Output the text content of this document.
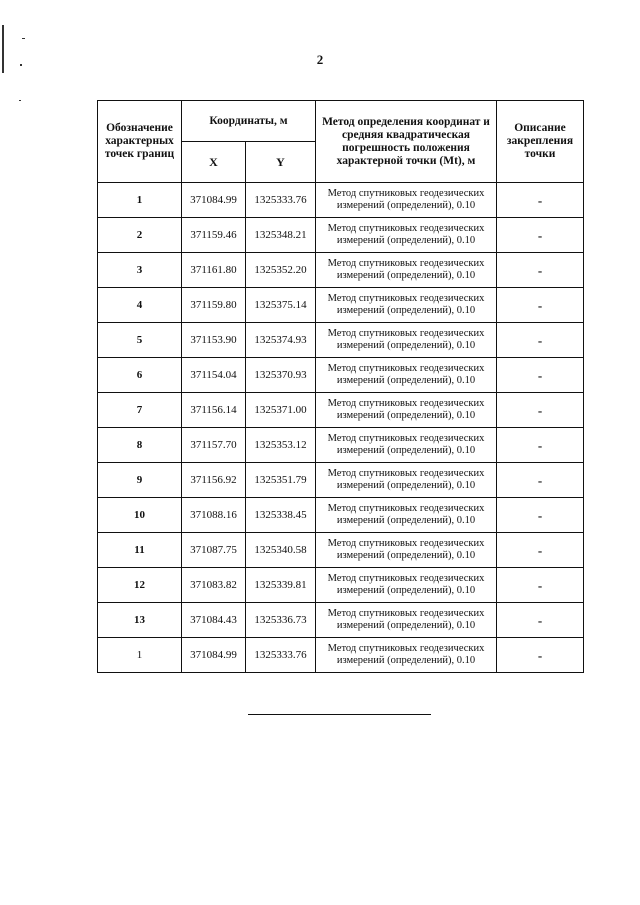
2
Обозначение характерных точек границ	Координаты, м		Метод определения координат и средняя квадратическая погрешность положения характерной точки (Mt), м	Описание закрепления точки
	X	Y		
1	371084.99	1325333.76	Метод спутниковых геодезических измерений (определений), 0.10	-
2	371159.46	1325348.21	Метод спутниковых геодезических измерений (определений), 0.10	-
3	371161.80	1325352.20	Метод спутниковых геодезических измерений (определений), 0.10	-
4	371159.80	1325375.14	Метод спутниковых геодезических измерений (определений), 0.10	-
5	371153.90	1325374.93	Метод спутниковых геодезических измерений (определений), 0.10	-
6	371154.04	1325370.93	Метод спутниковых геодезических измерений (определений), 0.10	-
7	371156.14	1325371.00	Метод спутниковых геодезических измерений (определений), 0.10	-
8	371157.70	1325353.12	Метод спутниковых геодезических измерений (определений), 0.10	-
9	371156.92	1325351.79	Метод спутниковых геодезических измерений (определений), 0.10	-
10	371088.16	1325338.45	Метод спутниковых геодезических измерений (определений), 0.10	-
11	371087.75	1325340.58	Метод спутниковых геодезических измерений (определений), 0.10	-
12	371083.82	1325339.81	Метод спутниковых геодезических измерений (определений), 0.10	-
13	371084.43	1325336.73	Метод спутниковых геодезических измерений (определений), 0.10	-
1	371084.99	1325333.76	Метод спутниковых геодезических измерений (определений), 0.10	-
